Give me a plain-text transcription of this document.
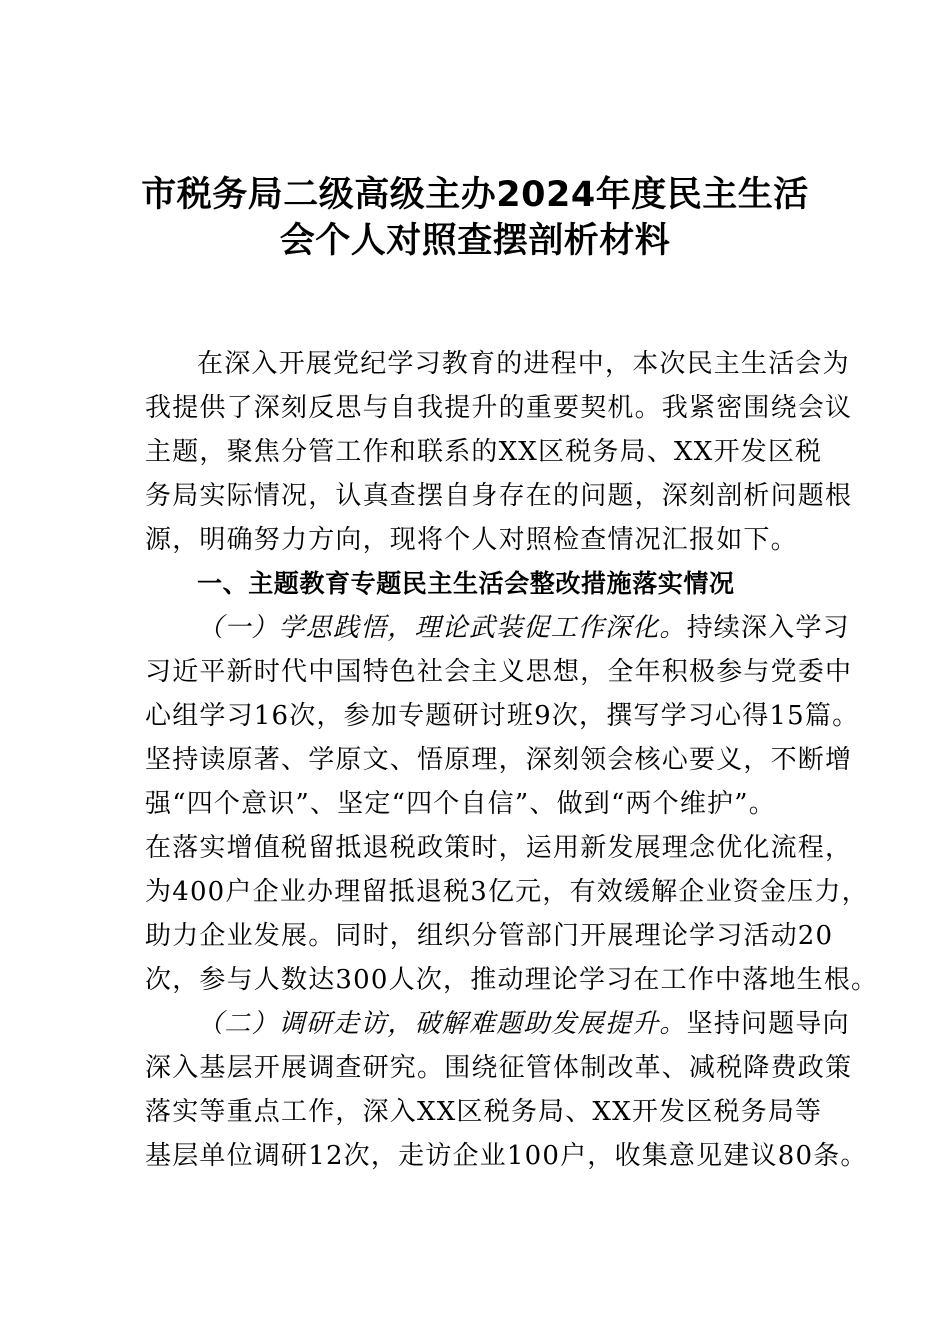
市税务局二级高级主办2024年度民主生活
会个人对照查摆剖析材料
在深入开展党纪学习教育的进程中，本次民主生活会为
我提供了深刻反思与自我提升的重要契机。我紧密围绕会议
主题，聚焦分管工作和联系的XX区税务局、XX开发区税
务局实际情况，认真查摆自身存在的问题，深刻剖析问题根
源，明确努力方向，现将个人对照检查情况汇报如下。
一、主题教育专题民主生活会整改措施落实情况
（一）学思践悟，理论武装促工作深化。持续深入学习
习近平新时代中国特色社会主义思想，全年积极参与党委中
心组学习16次，参加专题研讨班9次，撰写学习心得15篇。
坚持读原著、学原文、悟原理，深刻领会核心要义，不断增
强“四个意识”、坚定“四个自信”、做到“两个维护”。
在落实增值税留抵退税政策时，运用新发展理念优化流程，
为400户企业办理留抵退税3亿元，有效缓解企业资金压力，
助力企业发展。同时，组织分管部门开展理论学习活动20
次，参与人数达300人次，推动理论学习在工作中落地生根。
（二）调研走访，破解难题助发展提升。坚持问题导向
深入基层开展调查研究。围绕征管体制改革、减税降费政策
落实等重点工作，深入XX区税务局、XX开发区税务局等
基层单位调研12次，走访企业100户，收集意见建议80条。
